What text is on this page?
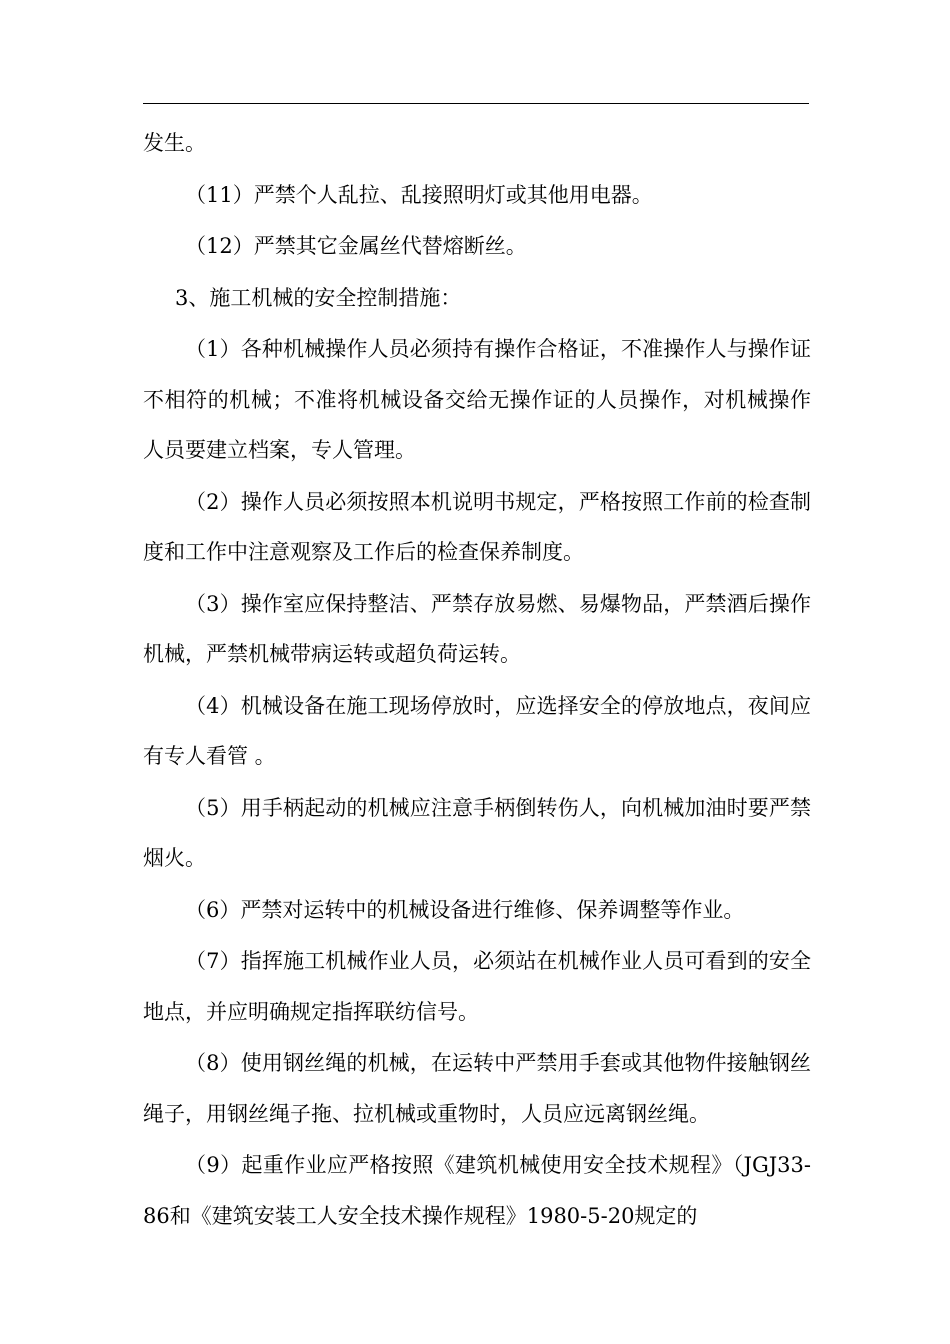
发生。

（11）严禁个人乱拉、乱接照明灯或其他用电器。

（12）严禁其它金属丝代替熔断丝。

3、施工机械的安全控制措施：

（1）各种机械操作人员必须持有操作合格证，不准操作人与操作证不相符的机械；不准将机械设备交给无操作证的人员操作，对机械操作人员要建立档案，专人管理。

（2）操作人员必须按照本机说明书规定，严格按照工作前的检查制度和工作中注意观察及工作后的检查保养制度。

（3）操作室应保持整洁、严禁存放易燃、易爆物品，严禁酒后操作机械，严禁机械带病运转或超负荷运转。

（4）机械设备在施工现场停放时，应选择安全的停放地点，夜间应有专人看管 。

（5）用手柄起动的机械应注意手柄倒转伤人，向机械加油时要严禁烟火。

（6）严禁对运转中的机械设备进行维修、保养调整等作业。

（7）指挥施工机械作业人员，必须站在机械作业人员可看到的安全地点，并应明确规定指挥联纺信号。

（8）使用钢丝绳的机械，在运转中严禁用手套或其他物件接触钢丝绳子，用钢丝绳子拖、拉机械或重物时，人员应远离钢丝绳。

（9）起重作业应严格按照《建筑机械使用安全技术规程》（JGJ33-86和《建筑安装工人安全技术操作规程》1980-5-20规定的
